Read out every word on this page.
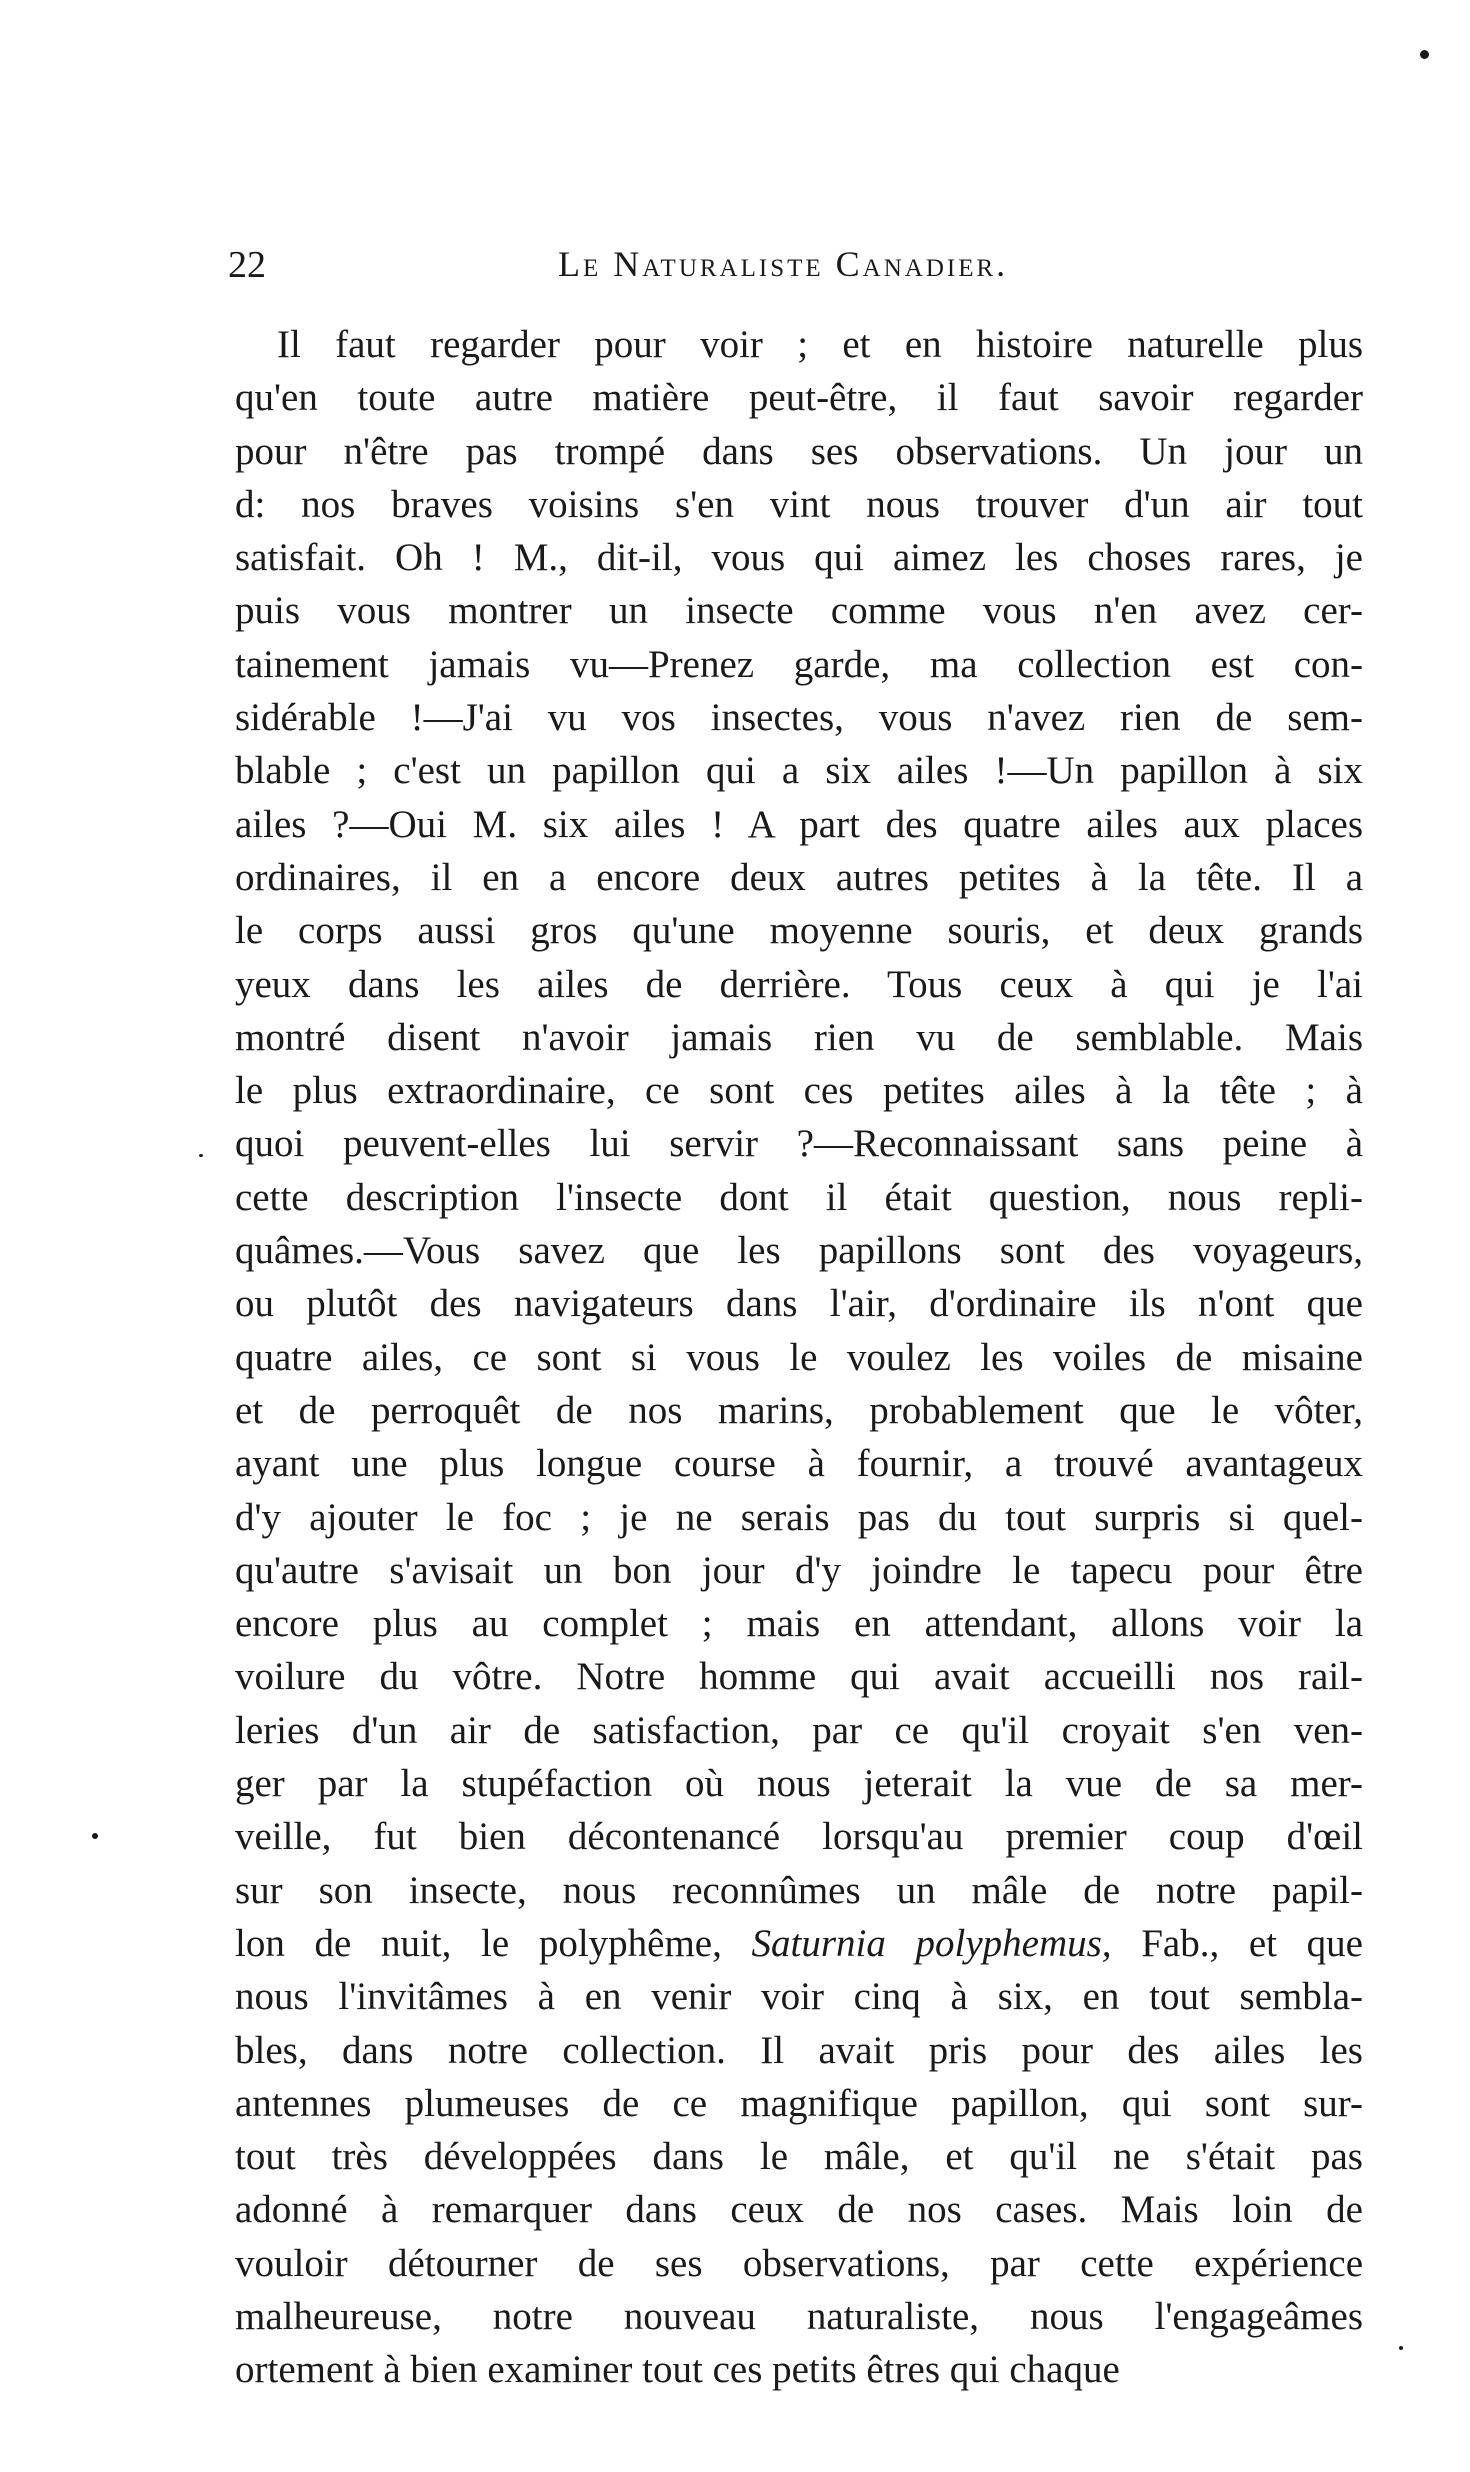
22	Le Naturaliste Canadier.
Il faut regarder pour voir ; et en histoire naturelle plus
qu'en toute autre matière peut-être, il faut savoir regarder
pour n'être pas trompé dans ses observations. Un jour un
d: nos braves voisins s'en vint nous trouver d'un air tout
satisfait. Oh ! M., dit-il, vous qui aimez les choses rares, je
puis vous montrer un insecte comme vous n'en avez cer-
tainement jamais vu—Prenez garde, ma collection est con-
sidérable !—J'ai vu vos insectes, vous n'avez rien de sem-
blable ; c'est un papillon qui a six ailes !—Un papillon à six
ailes ?—Oui M. six ailes ! A part des quatre ailes aux places
ordinaires, il en a encore deux autres petites à la tête. Il a
le corps aussi gros qu'une moyenne souris, et deux grands
yeux dans les ailes de derrière. Tous ceux à qui je l'ai
montré disent n'avoir jamais rien vu de semblable. Mais
le plus extraordinaire, ce sont ces petites ailes à la tête ; à
quoi peuvent-elles lui servir ?—Reconnaissant sans peine à
cette description l'insecte dont il était question, nous repli-
quâmes.—Vous savez que les papillons sont des voyageurs,
ou plutôt des navigateurs dans l'air, d'ordinaire ils n'ont que
quatre ailes, ce sont si vous le voulez les voiles de misaine
et de perroquêt de nos marins, probablement que le vôter,
ayant une plus longue course à fournir, a trouvé avantageux
d'y ajouter le foc ; je ne serais pas du tout surpris si quel-
qu'autre s'avisait un bon jour d'y joindre le tapecu pour être
encore plus au complet ; mais en attendant, allons voir la
voilure du vôtre. Notre homme qui avait accueilli nos rail-
leries d'un air de satisfaction, par ce qu'il croyait s'en ven-
ger par la stupéfaction où nous jeterait la vue de sa mer-
veille, fut bien décontenancé lorsqu'au premier coup d'œil
sur son insecte, nous reconnûmes un mâle de notre papil-
lon de nuit, le polyphême, Saturnia polyphemus, Fab., et que
nous l'invitâmes à en venir voir cinq à six, en tout sembla-
bles, dans notre collection. Il avait pris pour des ailes les
antennes plumeuses de ce magnifique papillon, qui sont sur-
tout très développées dans le mâle, et qu'il ne s'était pas
adonné à remarquer dans ceux de nos cases. Mais loin de
vouloir détourner de ses observations, par cette expérience
malheureuse, notre nouveau naturaliste, nous l'engageâmes
ortement à bien examiner tout ces petits êtres qui chaque
